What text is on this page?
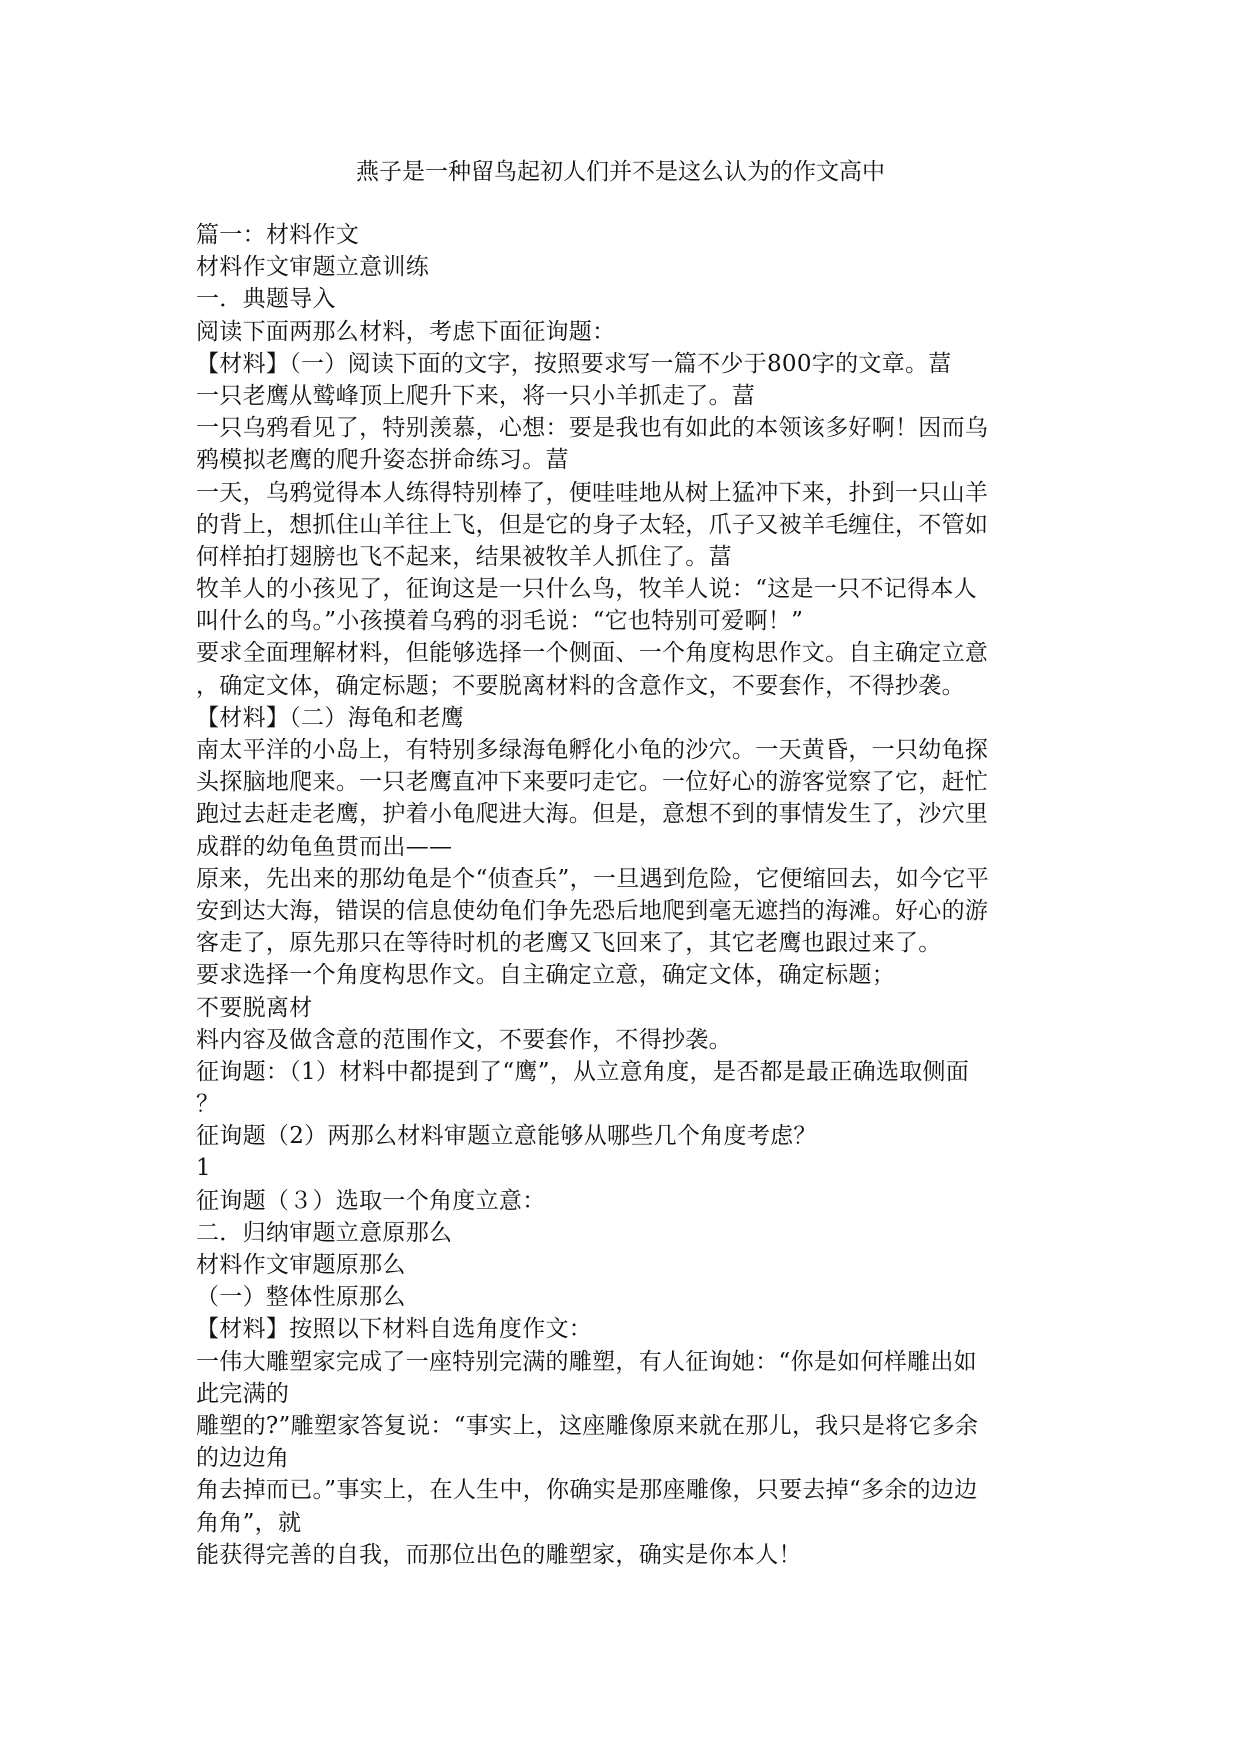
燕子是一种留鸟起初人们并不是这么认为的作文高中
篇一：材料作文
材料作文审题立意训练
一．典题导入
阅读下面两那么材料，考虑下面征询题：
【材料】（一）阅读下面的文字，按照要求写一篇不少于800字的文章。葍
一只老鹰从鹫峰顶上爬升下来，将一只小羊抓走了。葍
一只乌鸦看见了，特别羡慕，心想：要是我也有如此的本领该多好啊！因而乌
鸦模拟老鹰的爬升姿态拼命练习。葍
一天，乌鸦觉得本人练得特别棒了，便哇哇地从树上猛冲下来，扑到一只山羊
的背上，想抓住山羊往上飞，但是它的身子太轻，爪子又被羊毛缠住，不管如
何样拍打翅膀也飞不起来，结果被牧羊人抓住了。葍
牧羊人的小孩见了，征询这是一只什么鸟，牧羊人说：“这是一只不记得本人
叫什么的鸟。”小孩摸着乌鸦的羽毛说：“它也特别可爱啊！”
要求全面理解材料，但能够选择一个侧面、一个角度构思作文。自主确定立意
，确定文体，确定标题；不要脱离材料的含意作文，不要套作，不得抄袭。
【材料】（二）海龟和老鹰
南太平洋的小岛上，有特别多绿海龟孵化小龟的沙穴。一天黄昏，一只幼龟探
头探脑地爬来。一只老鹰直冲下来要叼走它。一位好心的游客觉察了它，赶忙
跑过去赶走老鹰，护着小龟爬进大海。但是，意想不到的事情发生了，沙穴里
成群的幼龟鱼贯而出——
原来，先出来的那幼龟是个“侦查兵”，一旦遇到危险，它便缩回去，如今它平
安到达大海，错误的信息使幼龟们争先恐后地爬到毫无遮挡的海滩。好心的游
客走了，原先那只在等待时机的老鹰又飞回来了，其它老鹰也跟过来了。
要求选择一个角度构思作文。自主确定立意，确定文体，确定标题；
不要脱离材
料内容及做含意的范围作文，不要套作，不得抄袭。
征询题：（1）材料中都提到了“鹰”，从立意角度，是否都是最正确选取侧面
？
征询题（2）两那么材料审题立意能够从哪些几个角度考虑？
1
征询题（３）选取一个角度立意：
二．归纳审题立意原那么
材料作文审题原那么
（一）整体性原那么
【材料】按照以下材料自选角度作文：
一伟大雕塑家完成了一座特别完满的雕塑，有人征询她：“你是如何样雕出如
此完满的
雕塑的?”雕塑家答复说：“事实上，这座雕像原来就在那儿，我只是将它多余
的边边角
角去掉而已。”事实上，在人生中，你确实是那座雕像，只要去掉“多余的边边
角角”，就
能获得完善的自我，而那位出色的雕塑家，确实是你本人！
